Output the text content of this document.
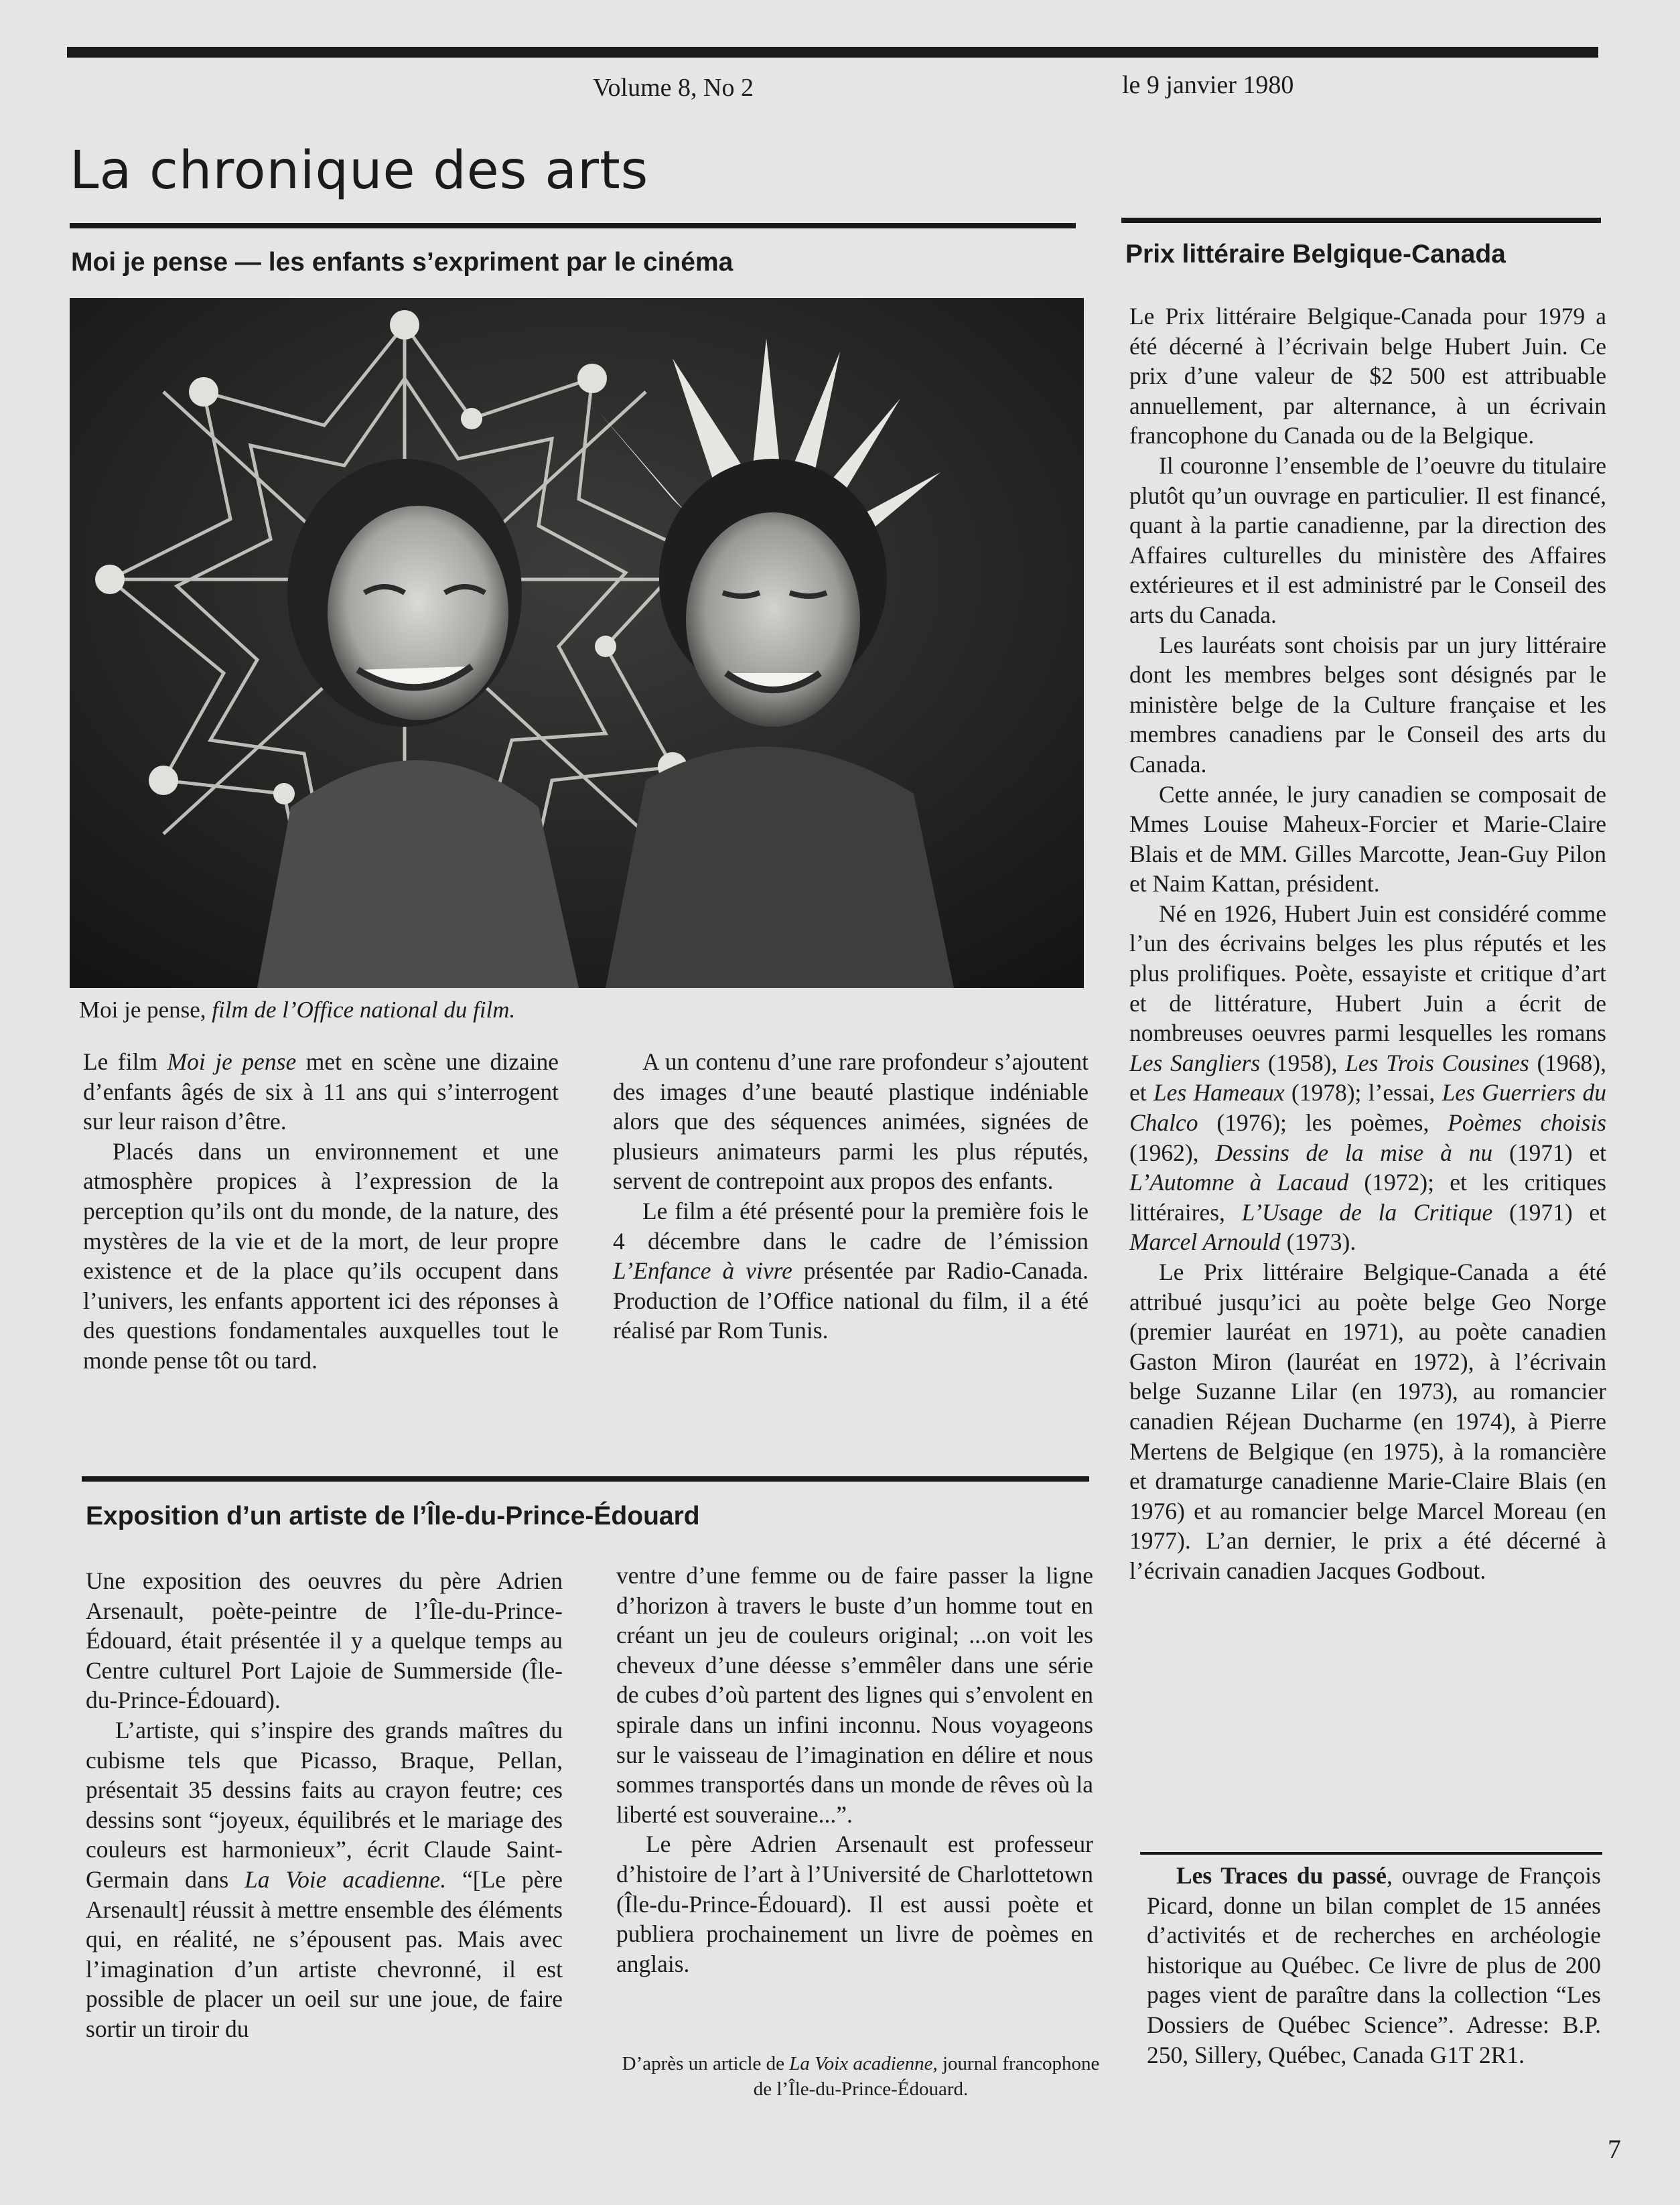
Volume 8, No 2	le 9 janvier 1980
La chronique des arts
Moi je pense — les enfants s’expriment par le cinéma
Moi je pense, film de l’Office national du film.

Le film Moi je pense met en scène une dizaine d’enfants âgés de six à 11 ans qui s’interrogent sur leur raison d’être.

Placés dans un environnement et une atmosphère propices à l’expression de la perception qu’ils ont du monde, de la nature, des mystères de la vie et de la mort, de leur propre existence et de la place qu’ils occupent dans l’univers, les enfants apportent ici des réponses à des questions fondamentales auxquelles tout le monde pense tôt ou tard.

A un contenu d’une rare profondeur s’ajoutent des images d’une beauté plastique indéniable alors que des séquences animées, signées de plusieurs animateurs parmi les plus réputés, servent de contrepoint aux propos des enfants.

Le film a été présenté pour la première fois le 4 décembre dans le cadre de l’émission L’Enfance à vivre présentée par Radio-Canada. Production de l’Office national du film, il a été réalisé par Rom Tunis.

Exposition d’un artiste de l’Île-du-Prince-Édouard

Une exposition des oeuvres du père Adrien Arsenault, poète-peintre de l’Île-du-Prince-Édouard, était présentée il y a quelque temps au Centre culturel Port Lajoie de Summerside (Île-du-Prince-Édouard).

L’artiste, qui s’inspire des grands maîtres du cubisme tels que Picasso, Braque, Pellan, présentait 35 dessins faits au crayon feutre; ces dessins sont “joyeux, équilibrés et le mariage des couleurs est harmonieux”, écrit Claude Saint-Germain dans La Voie acadienne. “[Le père Arsenault] réussit à mettre ensemble des éléments qui, en réalité, ne s’épousent pas. Mais avec l’imagination d’un artiste chevronné, il est possible de placer un oeil sur une joue, de faire sortir un tiroir du

ventre d’une femme ou de faire passer la ligne d’horizon à travers le buste d’un homme tout en créant un jeu de couleurs original; ...on voit les cheveux d’une déesse s’emmêler dans une série de cubes d’où partent des lignes qui s’envolent en spirale dans un infini inconnu. Nous voyageons sur le vaisseau de l’imagination en délire et nous sommes transportés dans un monde de rêves où la liberté est souveraine...”.

Le père Adrien Arsenault est professeur d’histoire de l’art à l’Université de Charlottetown (Île-du-Prince-Édouard). Il est aussi poète et publiera prochainement un livre de poèmes en anglais.

D’après un article de La Voix acadienne, journal francophone de l’Île-du-Prince-Édouard.
Prix littéraire Belgique-Canada

Le Prix littéraire Belgique-Canada pour 1979 a été décerné à l’écrivain belge Hubert Juin. Ce prix d’une valeur de $2 500 est attribuable annuellement, par alternance, à un écrivain francophone du Canada ou de la Belgique.

Il couronne l’ensemble de l’oeuvre du titulaire plutôt qu’un ouvrage en particulier. Il est financé, quant à la partie canadienne, par la direction des Affaires culturelles du ministère des Affaires extérieures et il est administré par le Conseil des arts du Canada.

Les lauréats sont choisis par un jury littéraire dont les membres belges sont désignés par le ministère belge de la Culture française et les membres canadiens par le Conseil des arts du Canada.

Cette année, le jury canadien se composait de Mmes Louise Maheux-Forcier et Marie-Claire Blais et de MM. Gilles Marcotte, Jean-Guy Pilon et Naim Kattan, président.

Né en 1926, Hubert Juin est considéré comme l’un des écrivains belges les plus réputés et les plus prolifiques. Poète, essayiste et critique d’art et de littérature, Hubert Juin a écrit de nombreuses oeuvres parmi lesquelles les romans Les Sangliers (1958), Les Trois Cousines (1968), et Les Hameaux (1978); l’essai, Les Guerriers du Chalco (1976); les poèmes, Poèmes choisis (1962), Dessins de la mise à nu (1971) et L’Automne à Lacaud (1972); et les critiques littéraires, L’Usage de la Critique (1971) et Marcel Arnould (1973).

Le Prix littéraire Belgique-Canada a été attribué jusqu’ici au poète belge Geo Norge (premier lauréat en 1971), au poète canadien Gaston Miron (lauréat en 1972), à l’écrivain belge Suzanne Lilar (en 1973), au romancier canadien Réjean Ducharme (en 1974), à Pierre Mertens de Belgique (en 1975), à la romancière et dramaturge canadienne Marie-Claire Blais (en 1976) et au romancier belge Marcel Moreau (en 1977). L’an dernier, le prix a été décerné à l’écrivain canadien Jacques Godbout.

Les Traces du passé, ouvrage de François Picard, donne un bilan complet de 15 années d’activités et de recherches en archéologie historique au Québec. Ce livre de plus de 200 pages vient de paraître dans la collection “Les Dossiers de Québec Science”. Adresse: B.P. 250, Sillery, Québec, Canada G1T 2R1.

7
